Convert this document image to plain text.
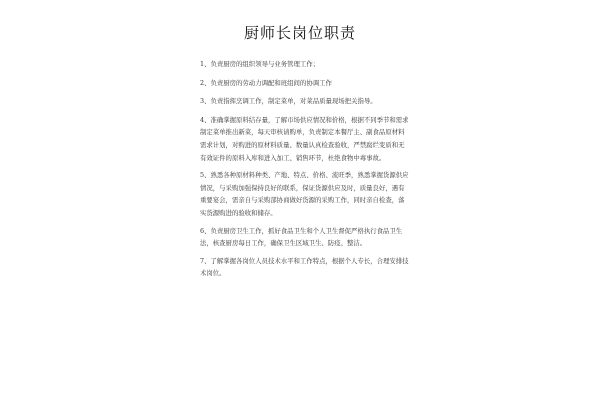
厨师长岗位职责

1、负责厨房的组织领导与业务管理工作；

2、负责厨房的劳动力调配和班组间的协调工作

3、负责指挥烹调工作，制定菜单，对菜品质量现场把关指导。

4、准确掌握原料结存量，了解市场供应情况和价格，根据不同季节和需求制定菜单推出新菜，每天审核请购单，负责制定本餐厅主、副食品原材料需求计划，对购进的原材料质量、数量认真检查验收，严禁腐烂变质和无有效证件的原料入库和进入加工、销售环节，杜绝食物中毒事故。

5、熟悉各种原材料种类、产地、特点、价格、流旺季，熟悉掌握货源供应情况，与采购加强保持良好的联系，保证货源供应及时，质量良好，遇有重要宴会，需亲自与采购部协商做好货源的采购工作，同时亲自检查，落实货源购进的验收和储存。

6、负责厨房卫生工作，抓好食品卫生和个人卫生督促严格执行食品卫生法，核查厨房每日工作，确保卫生区域卫生、防疫、整洁。

7、了解掌握各岗位人员技术水平和工作特点，根据个人专长，合理安排技术岗位。
